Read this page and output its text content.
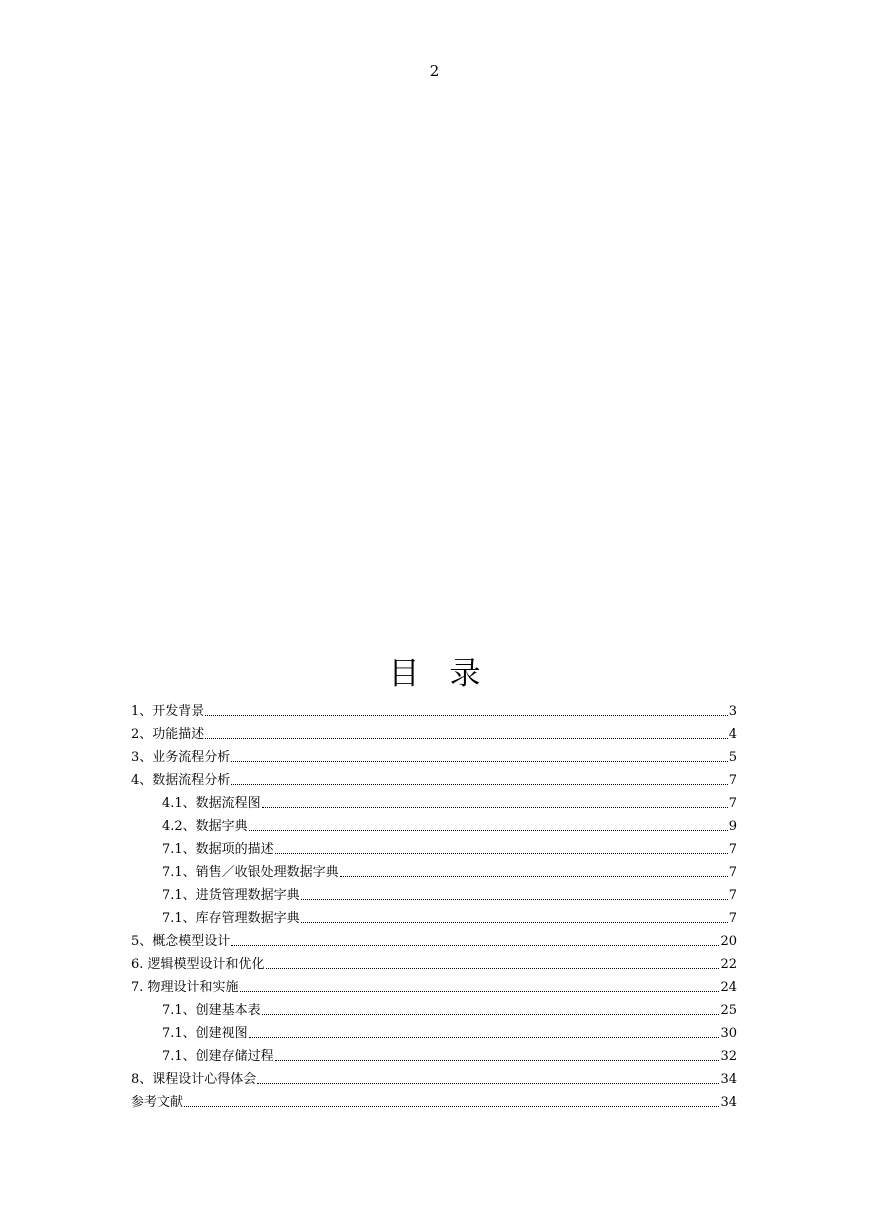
2
目 录
1、开发背景	3
2、功能描述	4
3、业务流程分析	5
4、数据流程分析	7
4.1、数据流程图	7
4.2、数据字典	9
7.1、数据项的描述	7
7.1、销售／收银处理数据字典	7
7.1、进货管理数据字典	7
7.1、库存管理数据字典	7
5、概念模型设计	20
6. 逻辑模型设计和优化	22
7. 物理设计和实施	24
7.1、创建基本表	25
7.1、创建视图	30
7.1、创建存储过程	32
8、课程设计心得体会	34
参考文献	34
